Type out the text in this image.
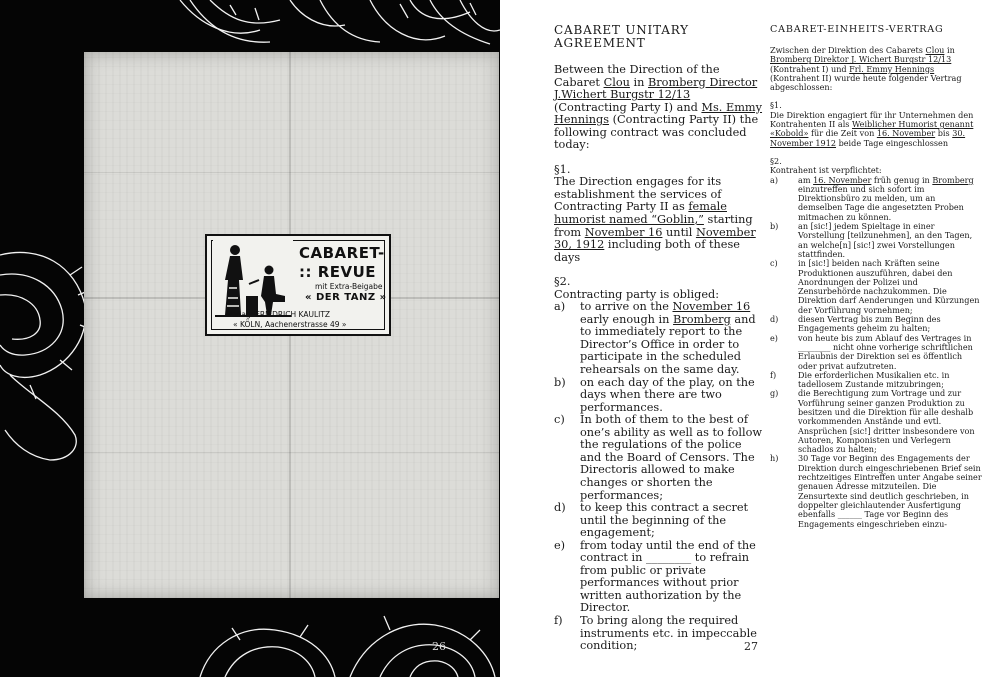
CABARET-
:: REVUE
mit Extra-Beigabe
« DER TANZ »
Verlag: FRIEDRICH KAULITZ
« KÖLN, Aachenerstrasse 49 »
26
CABARET UNITARY AGREEMENT

Between the Direction of the Cabaret Clou in Bromberg Director J.Wichert Burgstr 12/13 (Contracting Party I) and Ms. Emmy Hennings (Contracting Party II) the following contract was concluded today:

§1.

The Direction engages for its establishment the services of Contracting Party II as female humorist named “Goblin,” starting from November 16 until November 30, 1912 including both of these days

§2.

Contracting party is obliged:

a)	to arrive on the November 16 early enough in Bromberg and to immediately report to the Director’s Office in order to participate in the scheduled rehearsals on the same day.
b)	on each day of the play, on the days when there are two performances.
c)	In both of them to the best of one’s ability as well as to follow the regulations of the police and the Board of Censors. The Directoris allowed to make changes or shorten the performances;
d)	to keep this contract a secret until the beginning of the engagement;
e)	from today until the end of the contract in ________ to refrain from public or private performances without prior written authorization by the Director.
f)	To bring along the required instruments etc. in impeccable condition;
CABARET-EINHEITS-VERTRAG

Zwischen der Direktion des Cabarets Clou in Bromberg Direktor J. Wichert Burgstr 12/13 (Kontrahent I) und Frl. Emmy Hennings (Kontrahent II) wurde heute folgender Vertrag abgeschlossen:

§1.

Die Direktion engagiert für ihr Unternehmen den Kontrahenten II als Weiblicher Humorist genannt «Kobold» für die Zeit von 16. November bis 30. November 1912 beide Tage eingeschlossen

§2.

Kontrahent ist verpflichtet:

a)	am 16. November früh genug in Bromberg einzutreffen und sich sofort im Direktionsbüro zu melden, um an demselben Tage die angesetzten Proben mitmachen zu können.
b)	an [sic!] jedem Spieltage in einer Vorstellung [teilzunehmen], an den Tagen, an welche[n] [sic!] zwei Vorstellungen stattfinden.
c)	in [sic!] beiden nach Kräften seine Produktionen auszuführen, dabei den Anordnungen der Polizei und Zensurbehörde nachzukommen. Die Direktion darf Aenderungen und Kürzungen der Vorführung vornehmen;
d)	diesen Vertrag bis zum Beginn des Engagements geheim zu halten;
e)	von heute bis zum Ablauf des Vertrages in ________ nicht ohne vorherige schriftlichen Erlaubnis der Direktion sei es öffentlich oder privat aufzutreten.
f)	Die erforderlichen Musikalien etc. in tadellosem Zustande mitzubringen;
g)	die Berechtigung zum Vortrage und zur Vorführung seiner ganzen Produktion zu besitzen und die Direktion für alle deshalb vorkommenden Anstände und evtl. Ansprüchen [sic!] dritter insbesondere von Autoren, Komponisten und Verlegern schadlos zu halten;
h)	30 Tage vor Beginn des Engagements der Direktion durch eingeschriebenen Brief sein rechtzeitiges Eintreffen unter Angabe seiner genauen Adresse mitzuteilen. Die Zensurtexte sind deutlich geschrieben, in doppelter gleichlautender Ausfertigung ebenfalls ______ Tage vor Beginn des Engagements eingeschrieben einzu-
27
